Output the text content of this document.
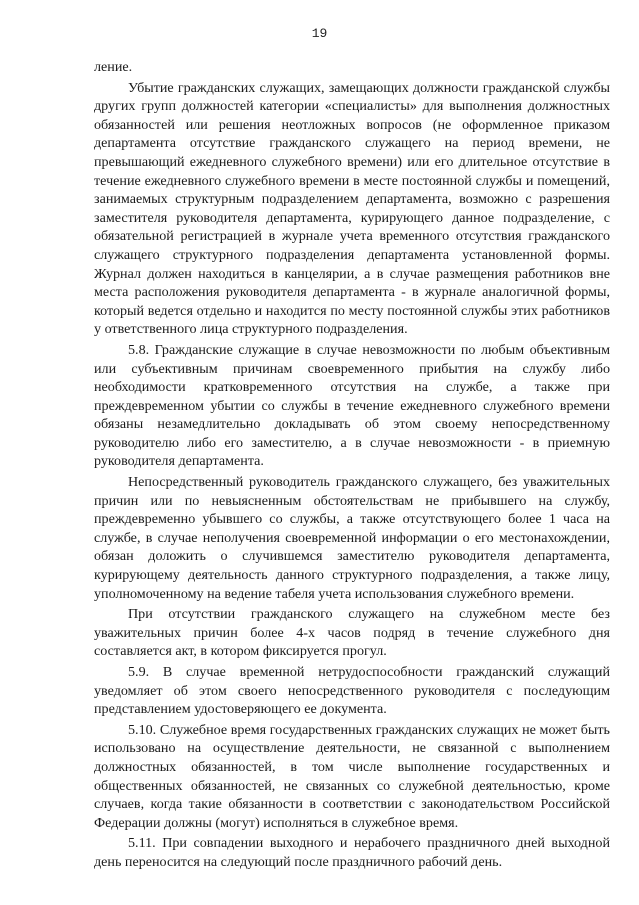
19

ление.

Убытие гражданских служащих, замещающих должности гражданской службы других групп должностей категории «специалисты» для выполнения должностных обязанностей или решения неотложных вопросов (не оформленное приказом департамента отсутствие гражданского служащего на период времени, не превышающий ежедневного служебного времени) или его длительное отсутствие в течение ежедневного служебного времени в месте постоянной службы и помещений, занимаемых структурным подразделением департамента, возможно с разрешения заместителя руководителя департамента, курирующего данное подразделение, с обязательной регистрацией в журнале учета временного отсутствия гражданского служащего структурного подразделения департамента установленной формы. Журнал должен находиться в канцелярии, а в случае размещения работников вне места расположения руководителя департамента - в журнале аналогичной формы, который ведется отдельно и находится по месту постоянной службы этих работников у ответственного лица структурного подразделения.

5.8. Гражданские служащие в случае невозможности по любым объективным или субъективным причинам своевременного прибытия на службу либо необходимости кратковременного отсутствия на службе, а также при преждевременном убытии со службы в течение ежедневного служебного времени обязаны незамедлительно докладывать об этом своему непосредственному руководителю либо его заместителю, а в случае невозможности - в приемную руководителя департамента.

Непосредственный руководитель гражданского служащего, без уважительных причин или по невыясненным обстоятельствам не прибывшего на службу, преждевременно убывшего со службы, а также отсутствующего более 1 часа на службе, в случае неполучения своевременной информации о его местонахождении, обязан доложить о случившемся заместителю руководителя департамента, курирующему деятельность данного структурного подразделения, а также лицу, уполномоченному на ведение табеля учета использования служебного времени.

При отсутствии гражданского служащего на служебном месте без уважительных причин более 4-х часов подряд в течение служебного дня составляется акт, в котором фиксируется прогул.

5.9. В случае временной нетрудоспособности гражданский служащий уведомляет об этом своего непосредственного руководителя с последующим представлением удостоверяющего ее документа.

5.10. Служебное время государственных гражданских служащих не может быть использовано на осуществление деятельности, не связанной с выполнением должностных обязанностей, в том числе выполнение государственных и общественных обязанностей, не связанных со служебной деятельностью, кроме случаев, когда такие обязанности в соответствии с законодательством Российской Федерации должны (могут) исполняться в служебное время.

5.11. При совпадении выходного и нерабочего праздничного дней выходной день переносится на следующий после праздничного рабочий день.
